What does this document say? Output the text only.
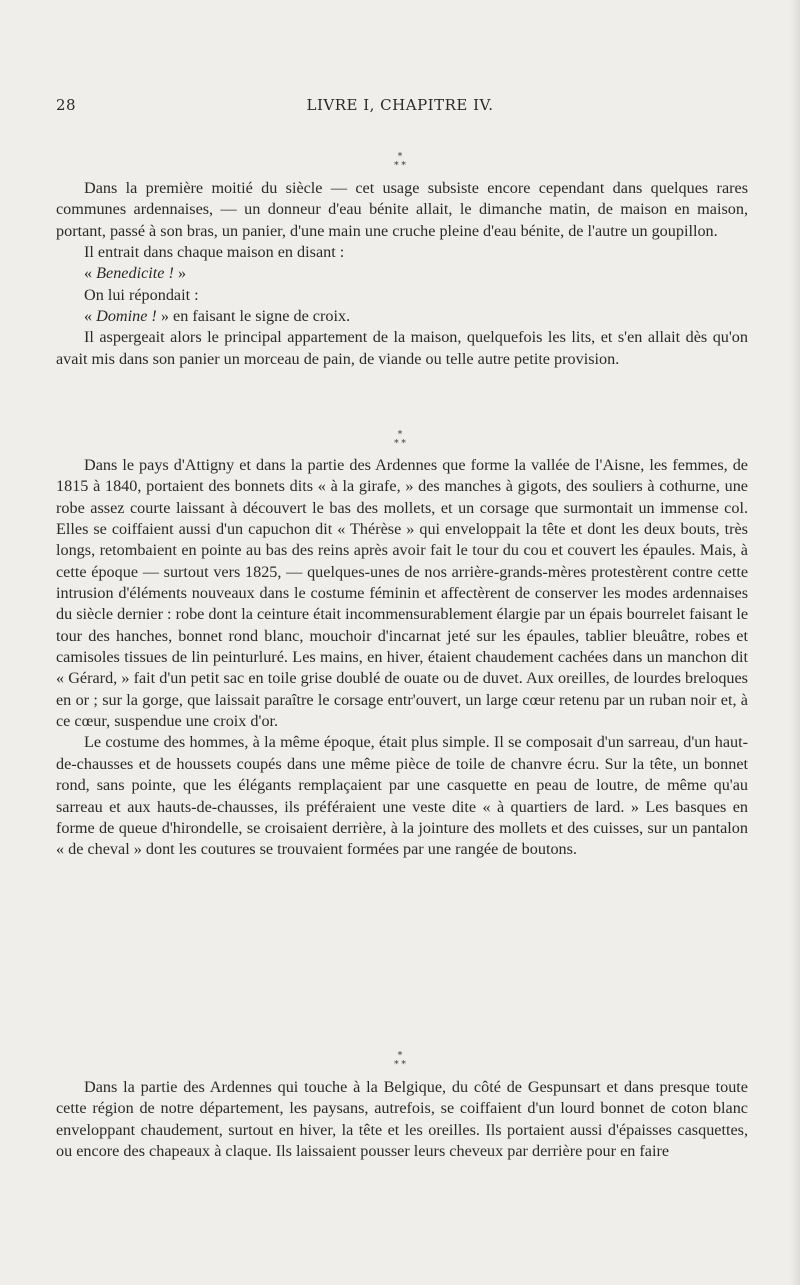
28	LIVRE I, CHAPITRE IV.
*
* *

Dans la première moitié du siècle — cet usage subsiste encore cependant dans quelques rares communes ardennaises, — un donneur d'eau bénite allait, le dimanche matin, de maison en maison, portant, passé à son bras, un panier, d'une main une cruche pleine d'eau bénite, de l'autre un goupillon.

Il entrait dans chaque maison en disant :

« Benedicite ! »

On lui répondait :

« Domine ! » en faisant le signe de croix.

Il aspergeait alors le principal appartement de la maison, quelquefois les lits, et s'en allait dès qu'on avait mis dans son panier un morceau de pain, de viande ou telle autre petite provision.

*
* *

Dans le pays d'Attigny et dans la partie des Ardennes que forme la vallée de l'Aisne, les femmes, de 1815 à 1840, portaient des bonnets dits « à la girafe, » des manches à gigots, des souliers à cothurne, une robe assez courte laissant à découvert le bas des mollets, et un corsage que surmontait un immense col. Elles se coiffaient aussi d'un capuchon dit « Thérèse » qui enveloppait la tête et dont les deux bouts, très longs, retombaient en pointe au bas des reins après avoir fait le tour du cou et couvert les épaules. Mais, à cette époque — surtout vers 1825, — quelques-unes de nos arrière-grands-mères protestèrent contre cette intrusion d'éléments nouveaux dans le costume féminin et affectèrent de conserver les modes ardennaises du siècle dernier : robe dont la ceinture était incommensurablement élargie par un épais bourrelet faisant le tour des hanches, bonnet rond blanc, mouchoir d'incarnat jeté sur les épaules, tablier bleuâtre, robes et camisoles tissues de lin peinturluré. Les mains, en hiver, étaient chaudement cachées dans un manchon dit « Gérard, » fait d'un petit sac en toile grise doublé de ouate ou de duvet. Aux oreilles, de lourdes breloques en or ; sur la gorge, que laissait paraître le corsage entr'ouvert, un large cœur retenu par un ruban noir et, à ce cœur, suspendue une croix d'or.

Le costume des hommes, à la même époque, était plus simple. Il se composait d'un sarreau, d'un haut-de-chausses et de houssets coupés dans une même pièce de toile de chanvre écru. Sur la tête, un bonnet rond, sans pointe, que les élégants remplaçaient par une casquette en peau de loutre, de même qu'au sarreau et aux hauts-de-chausses, ils préféraient une veste dite « à quartiers de lard. » Les basques en forme de queue d'hirondelle, se croisaient derrière, à la jointure des mollets et des cuisses, sur un pantalon « de cheval » dont les coutures se trouvaient formées par une rangée de boutons.

*
* *

Dans la partie des Ardennes qui touche à la Belgique, du côté de Gespunsart et dans presque toute cette région de notre département, les paysans, autrefois, se coiffaient d'un lourd bonnet de coton blanc enveloppant chaudement, surtout en hiver, la tête et les oreilles. Ils portaient aussi d'épaisses casquettes, ou encore des chapeaux à claque. Ils laissaient pousser leurs cheveux par derrière pour en faire
